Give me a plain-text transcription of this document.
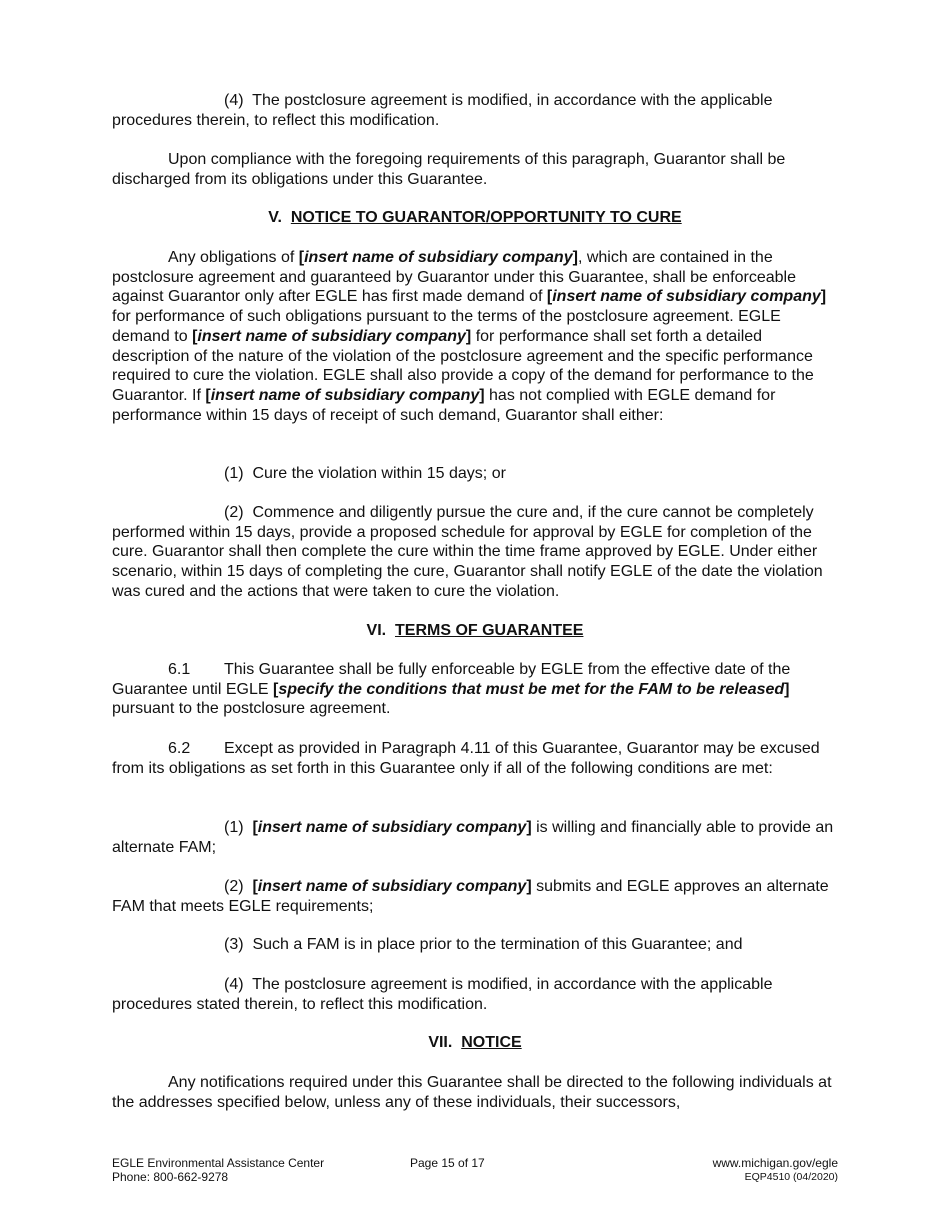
(4) The postclosure agreement is modified, in accordance with the applicable procedures therein, to reflect this modification.

Upon compliance with the foregoing requirements of this paragraph, Guarantor shall be discharged from its obligations under this Guarantee.

V. NOTICE TO GUARANTOR/OPPORTUNITY TO CURE

Any obligations of [insert name of subsidiary company], which are contained in the postclosure agreement and guaranteed by Guarantor under this Guarantee, shall be enforceable against Guarantor only after EGLE has first made demand of [insert name of subsidiary company] for performance of such obligations pursuant to the terms of the postclosure agreement. EGLE demand to [insert name of subsidiary company] for performance shall set forth a detailed description of the nature of the violation of the postclosure agreement and the specific performance required to cure the violation. EGLE shall also provide a copy of the demand for performance to the Guarantor. If [insert name of subsidiary company] has not complied with EGLE demand for performance within 15 days of receipt of such demand, Guarantor shall either:

(1) Cure the violation within 15 days; or

(2) Commence and diligently pursue the cure and, if the cure cannot be completely performed within 15 days, provide a proposed schedule for approval by EGLE for completion of the cure. Guarantor shall then complete the cure within the time frame approved by EGLE. Under either scenario, within 15 days of completing the cure, Guarantor shall notify EGLE of the date the violation was cured and the actions that were taken to cure the violation.

VI. TERMS OF GUARANTEE

6.1 This Guarantee shall be fully enforceable by EGLE from the effective date of the Guarantee until EGLE [specify the conditions that must be met for the FAM to be released] pursuant to the postclosure agreement.

6.2 Except as provided in Paragraph 4.11 of this Guarantee, Guarantor may be excused from its obligations as set forth in this Guarantee only if all of the following conditions are met:

(1) [insert name of subsidiary company] is willing and financially able to provide an alternate FAM;

(2) [insert name of subsidiary company] submits and EGLE approves an alternate FAM that meets EGLE requirements;

(3) Such a FAM is in place prior to the termination of this Guarantee; and

(4) The postclosure agreement is modified, in accordance with the applicable procedures stated therein, to reflect this modification.

VII. NOTICE

Any notifications required under this Guarantee shall be directed to the following individuals at the addresses specified below, unless any of these individuals, their successors,

EGLE Environmental Assistance Center
Phone: 800-662-9278
Page 15 of 17	www.michigan.gov/egle
EQP4510 (04/2020)
